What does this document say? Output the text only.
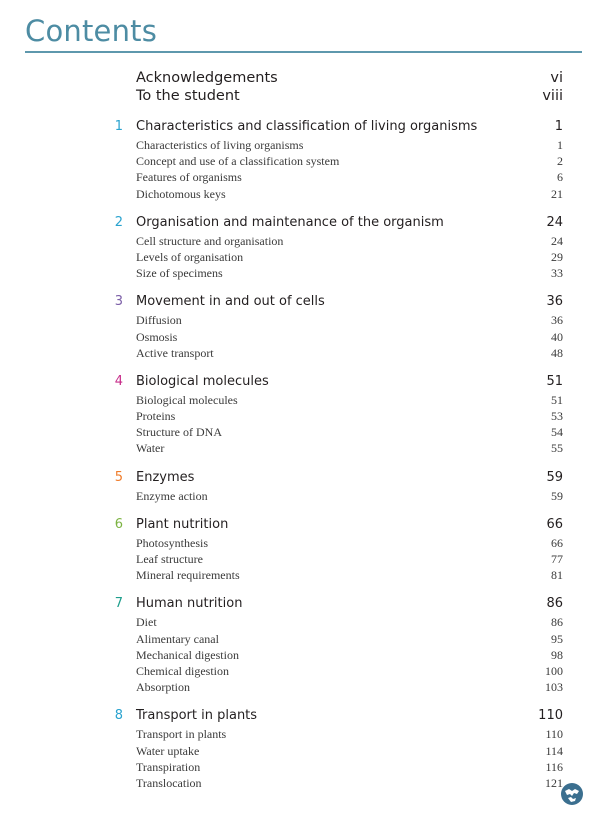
Contents
Acknowledgements	vi
To the student	viii
1 Characteristics and classification of living organisms	1
Characteristics of living organisms	1
Concept and use of a classification system	2
Features of organisms	6
Dichotomous keys	21
2 Organisation and maintenance of the organism	24
Cell structure and organisation	24
Levels of organisation	29
Size of specimens	33
3 Movement in and out of cells	36
Diffusion	36
Osmosis	40
Active transport	48
4 Biological molecules	51
Biological molecules	51
Proteins	53
Structure of DNA	54
Water	55
5 Enzymes	59
Enzyme action	59
6 Plant nutrition	66
Photosynthesis	66
Leaf structure	77
Mineral requirements	81
7 Human nutrition	86
Diet	86
Alimentary canal	95
Mechanical digestion	98
Chemical digestion	100
Absorption	103
8 Transport in plants	110
Transport in plants	110
Water uptake	114
Transpiration	116
Translocation	121
